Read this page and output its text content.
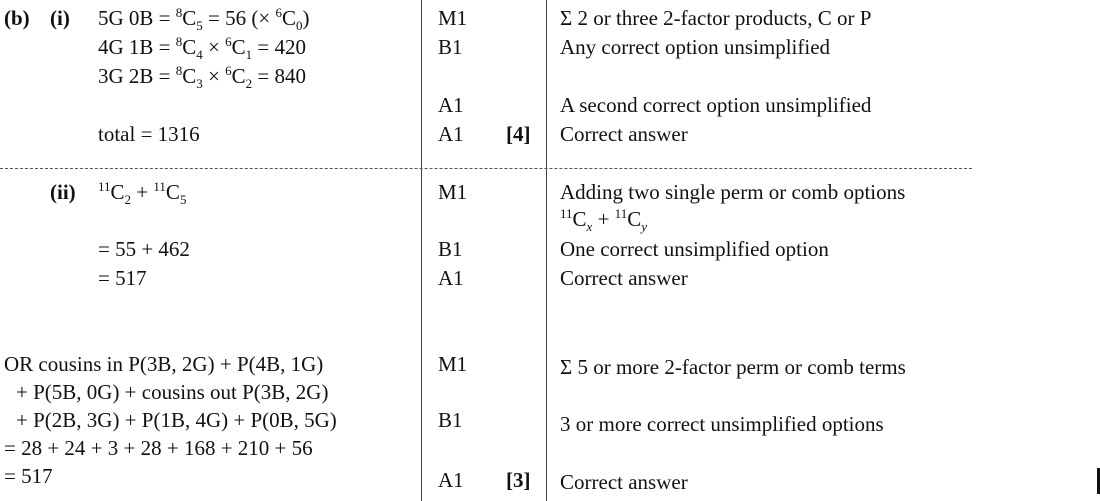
(b) (i) 5G $0B = ^8C_5 = 56$ (× $^6C_0$)
4G $1B = ^8C_4 \times ^6C_1 = 420$
3G $2B = ^8C_3 \times ^6C_2 = 840$
total = 1316
M1
B1
A1
A1 [4]
Σ 2 or three 2-factor products, C or P
Any correct option unsimplified
A second correct option unsimplified
Correct answer
(ii) $^{11}C_2 + ^{11}C_5$
= 55 + 462
= 517
M1
B1
A1
Adding two single perm or comb options
$^{11}C_x + ^{11}C_y$
One correct unsimplified option
Correct answer
OR cousins in P(3B, 2G) + P(4B, 1G)
+ P(5B, 0G) + cousins out P(3B, 2G)
+ P(2B, 3G) + P(1B, 4G) + P(0B, 5G)
= 28 + 24 + 3 + 28 + 168 + 210 + 56
= 517
M1
B1
A1 [3]
Σ 5 or more 2-factor perm or comb terms
3 or more correct unsimplified options
Correct answer
